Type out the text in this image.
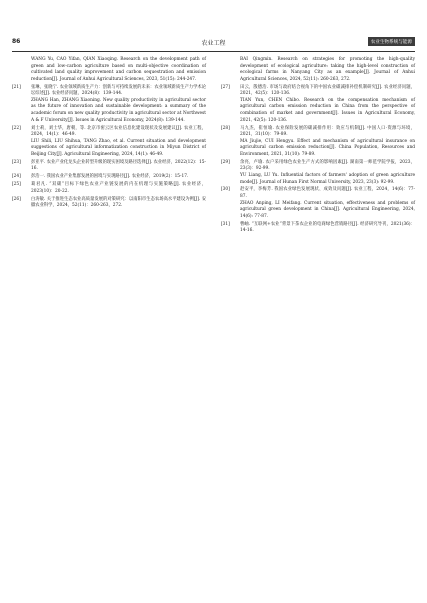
86	农业工程	农业生物系统与能源

WANG Yu, CAO Yifan, QIAN Xiaoqing. Research on the development path of green and low-carbon agriculture based on multi-objective coordination of cultivated land quality improvement and carbon sequestration and emission reduction[J]. Journal of Anhui Agricultural Sciences, 2023, 51(15): 244-247.

[21] 张琳，张晓宁. 农业领域新质生产力：创新与可持续发展的未来：农业领域新质生产力学术论坛综述[J]. 农业经济问题，2024(8)：139-144.

ZHANG Han, ZHANG Xiaoning. New quality productivity in agricultural sector as the future of innovation and sustainable development: a summary of the academic forum on new quality productivity in agricultural sector at Northwest A & F University[J]. Issues in Agricultural Economy, 2024(8): 139-144.

[22] 刘士莉，刘士华，唐朝，等. 北京市密云区农业信息化建设现状及发展建议[J]. 农业工程，2024，14(1)：46-49.

LIU Shili, LIU Shihua, TANG Zhao, et al. Current situation and development suggestions of agricultural informatization construction in Miyun District of Beijing City[J]. Agricultural Engineering, 2024, 14(1): 46-49.

[23] 彭亚平. 农业产业化龙头企业转型升级的现实困境及路径选择[J]. 农业经济，2022(12)：15-16.

[24] 彭浩一. 我国农业产业集群发展的困境与实现路径[J]. 农业经济，2019(2)：15-17.

[25] 葛君凡. “双碳”目标下绿色农业产业链发展的内在机理与实施策略[J]. 农业经济，2023(10)：20-22.

[26] 白涛敏. 关于推进生态农业高质量发展的对策研究：以南阳市生态农场高水平建设为例[J]. 安徽农业科学，2024，52(11)：260-263，272.

BAI Qingmin. Research on strategies for promoting the high-quality development of ecological agriculture: taking the high-level construction of ecological farms in Nanyang City as an example[J]. Journal of Anhui Agricultural Sciences, 2024, 52(11): 260-263, 272.

[27] 田云，殷德浩. 市场与政府结合视角下的中国农业碳减排补偿机制研究[J]. 农业经济问题，2021，42(5)：120-136.

TIAN Yun, CHEN Chibo. Research on the compensation mechanism of agricultural carbon emission reduction in China from the perspective of combination of market and government[J]. Issues in Agricultural Economy, 2021, 42(5): 120-136.

[28] 马九杰，崔恒瑜. 农业保险发展的碳减排作用：效应与机制[J]. 中国人口·资源与环境，2021，31(10)：79-89.

MA Jiujie, CUI Hengyu. Effect and mechanism of agricultural insurance on agricultural carbon emission reduction[J]. China Population, Resources and Environment, 2021, 31(10): 79-89.

[29] 余亮，卢瑜. 农户采用绿色农业生产方式的影响因素[J]. 湖南第一师范学院学报，2023，23(3)：92-99.

YU Liang, LU Yu. Influential factors of farmers' adoption of green agriculture mode[J]. Journal of Hunan First Normal University, 2023, 23(3): 92-99.

[30] 赵安平，李梅芳. 我国农业绿色发展现状、成效及问题[J]. 农业工程，2024，14(6)：77-87.

ZHAO Anping, LI Meifang. Current situation, effectiveness and problems of agricultural green development in China[J]. Agricultural Engineering, 2024, 14(6): 77-87.

[31] 曹岫. “互联网+农业”背景下茶农企业的电商绿色营销路径[J]. 经济研究导刊，2021(36)：14-16.
